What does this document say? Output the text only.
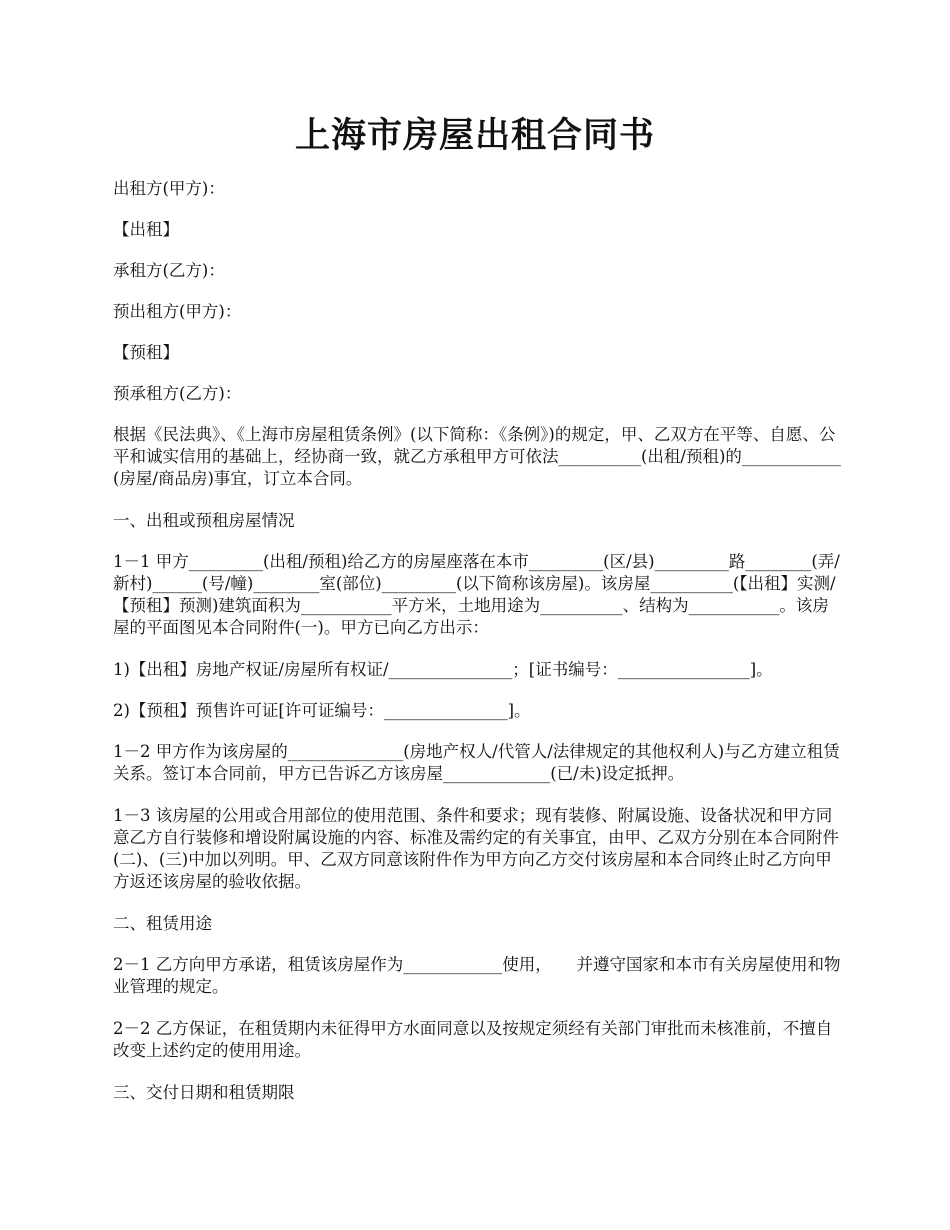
上海市房屋出租合同书

出租方(甲方)：

【出租】

承租方(乙方)：

预出租方(甲方)：

【预租】

预承租方(乙方)：

根据《民法典》、《上海市房屋租赁条例》(以下简称：《条例》)的规定，甲、乙双方在平等、自愿、公平和诚实信用的基础上，经协商一致，就乙方承租甲方可依法__________(出租/预租)的____________(房屋/商品房)事宜，订立本合同。

一、出租或预租房屋情况

1－1 甲方_________(出租/预租)给乙方的房屋座落在本市_________(区/县)_________路________(弄/新村)______(号/幢)________室(部位)_________(以下简称该房屋)。该房屋__________(【出租】实测/【预租】预测)建筑面积为___________平方米，土地用途为__________、结构为___________。该房屋的平面图见本合同附件(一)。甲方已向乙方出示：

1)【出租】房地产权证/房屋所有权证/_______________；[证书编号：________________]。

2)【预租】预售许可证[许可证编号：_______________]。

1－2 甲方作为该房屋的______________(房地产权人/代管人/法律规定的其他权利人)与乙方建立租赁关系。签订本合同前，甲方已告诉乙方该房屋_____________(已/未)设定抵押。

1－3 该房屋的公用或合用部位的使用范围、条件和要求；现有装修、附属设施、设备状况和甲方同意乙方自行装修和增设附属设施的内容、标准及需约定的有关事宜，由甲、乙双方分别在本合同附件(二)、(三)中加以列明。甲、乙双方同意该附件作为甲方向乙方交付该房屋和本合同终止时乙方向甲方返还该房屋的验收依据。

二、租赁用途

2－1 乙方向甲方承诺，租赁该房屋作为____________使用，　　并遵守国家和本市有关房屋使用和物业管理的规定。

2－2 乙方保证，在租赁期内未征得甲方水面同意以及按规定须经有关部门审批而未核准前，不擅自改变上述约定的使用用途。

三、交付日期和租赁期限
